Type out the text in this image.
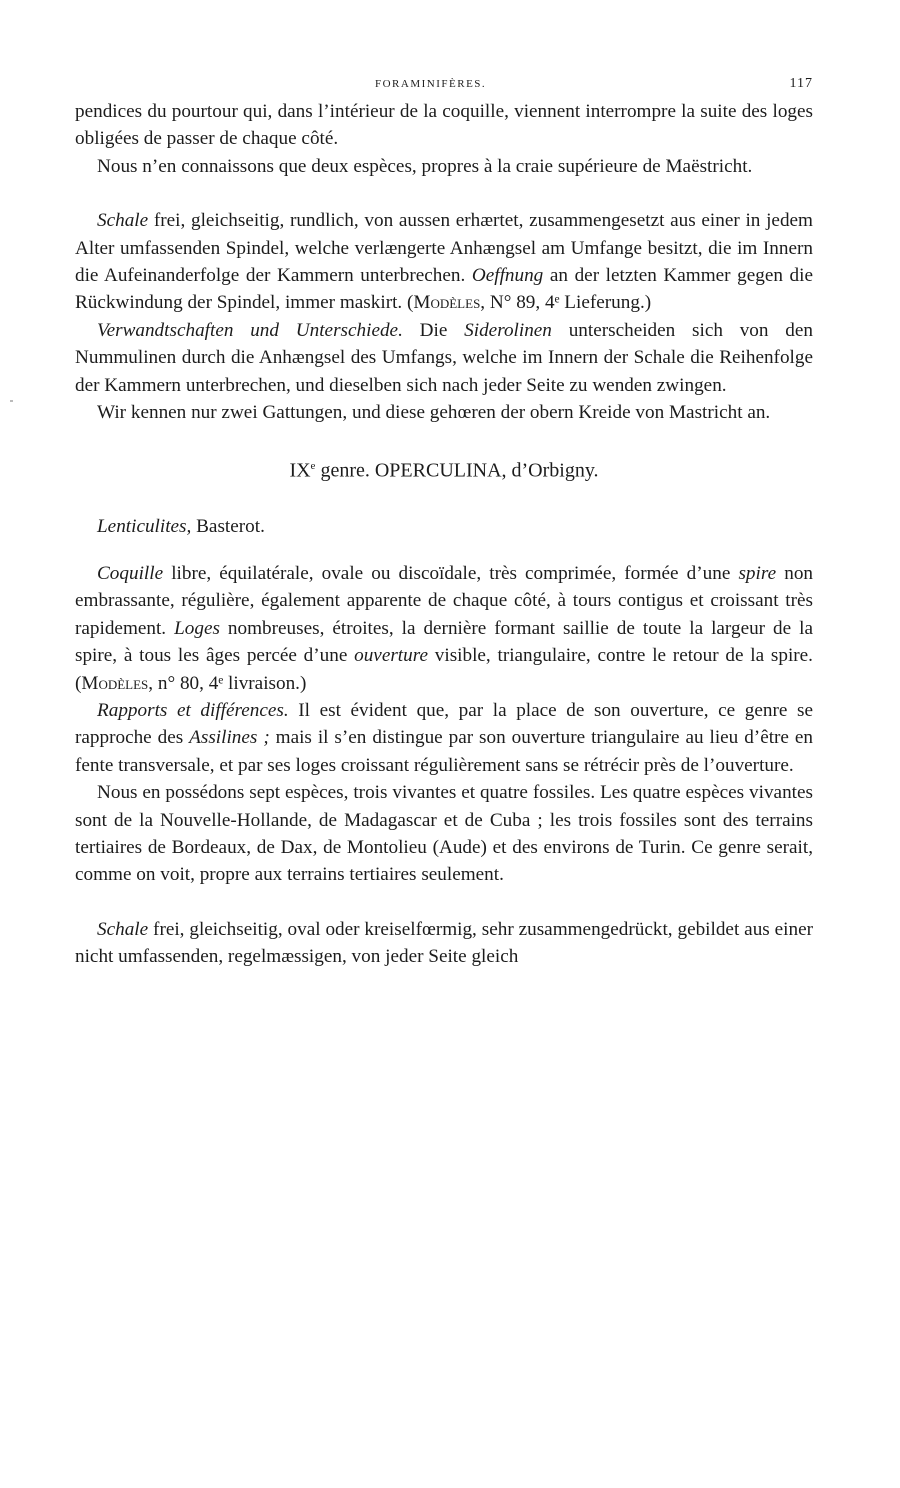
FORAMINIFÈRES.	117

pendices du pourtour qui, dans l’intérieur de la coquille, viennent interrompre la suite des loges obligées de passer de chaque côté.

Nous n’en connaissons que deux espèces, propres à la craie supérieure de Maëstricht.

Schale frei, gleichseitig, rundlich, von aussen erhærtet, zusammengesetzt aus einer in jedem Alter umfassenden Spindel, welche verlængerte Anhængsel am Umfange besitzt, die im Innern die Aufeinanderfolge der Kammern unterbrechen. Oeffnung an der letzten Kammer gegen die Rückwindung der Spindel, immer maskirt. (Modèles, N° 89, 4ᵉ Lieferung.)

Verwandtschaften und Unterschiede. Die Siderolinen unterscheiden sich von den Nummulinen durch die Anhængsel des Umfangs, welche im Innern der Schale die Reihenfolge der Kammern unterbrechen, und dieselben sich nach jeder Seite zu wenden zwingen.

Wir kennen nur zwei Gattungen, und diese gehœren der obern Kreide von Mastricht an.

IXe genre. OPERCULINA, d’Orbigny.

Lenticulites, Basterot.

Coquille libre, équilatérale, ovale ou discoïdale, très comprimée, formée d’une spire non embrassante, régulière, également apparente de chaque côté, à tours contigus et croissant très rapidement. Loges nombreuses, étroites, la dernière formant saillie de toute la largeur de la spire, à tous les âges percée d’une ouverture visible, triangulaire, contre le retour de la spire. (Modèles, n° 80, 4ᵉ livraison.)

Rapports et différences. Il est évident que, par la place de son ouverture, ce genre se rapproche des Assilines ; mais il s’en distingue par son ouverture triangulaire au lieu d’être en fente transversale, et par ses loges croissant régulièrement sans se rétrécir près de l’ouverture.

Nous en possédons sept espèces, trois vivantes et quatre fossiles. Les quatre espèces vivantes sont de la Nouvelle-Hollande, de Madagascar et de Cuba ; les trois fossiles sont des terrains tertiaires de Bordeaux, de Dax, de Montolieu (Aude) et des environs de Turin. Ce genre serait, comme on voit, propre aux terrains tertiaires seulement.

Schale frei, gleichseitig, oval oder kreiselfœrmig, sehr zusammengedrückt, gebildet aus einer nicht umfassenden, regelmæssigen, von jeder Seite gleich
